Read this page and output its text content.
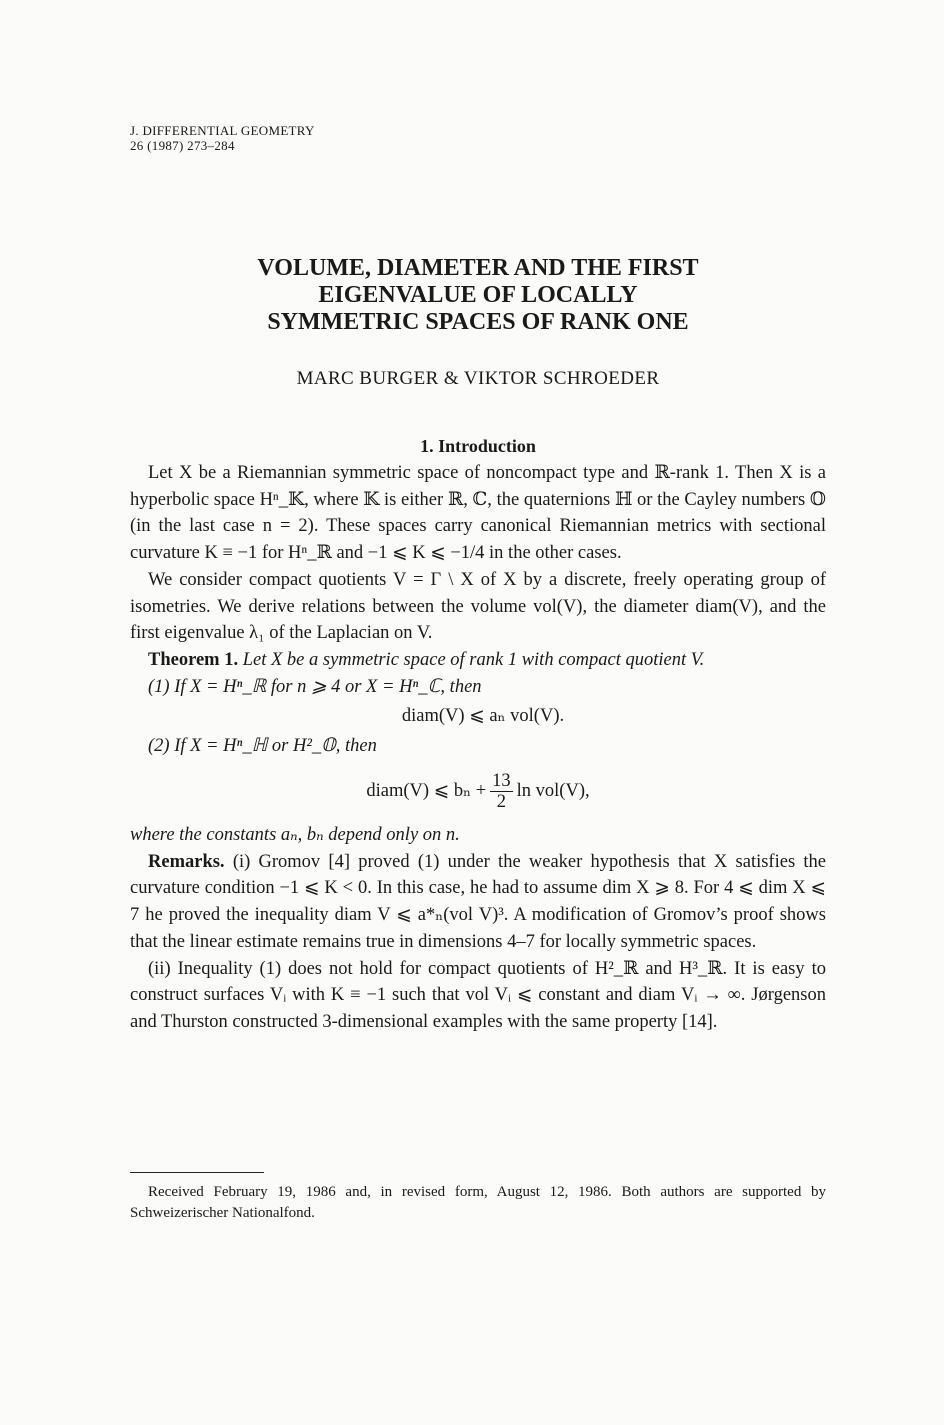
J. DIFFERENTIAL GEOMETRY
26 (1987) 273–284
VOLUME, DIAMETER AND THE FIRST
EIGENVALUE OF LOCALLY
SYMMETRIC SPACES OF RANK ONE
MARC BURGER & VIKTOR SCHROEDER
1. Introduction

Let X be a Riemannian symmetric space of noncompact type and ℝ-rank 1. Then X is a hyperbolic space Hⁿ_𝕂, where 𝕂 is either ℝ, ℂ, the quaternions ℍ or the Cayley numbers 𝕆 (in the last case n = 2). These spaces carry canonical Riemannian metrics with sectional curvature K ≡ −1 for Hⁿ_ℝ and −1 ⩽ K ⩽ −1/4 in the other cases.

We consider compact quotients V = Γ \ X of X by a discrete, freely operating group of isometries. We derive relations between the volume vol(V), the diameter diam(V), and the first eigenvalue λ₁ of the Laplacian on V.

Theorem 1. Let X be a symmetric space of rank 1 with compact quotient V.

(1) If X = Hⁿ_ℝ for n ⩾ 4 or X = Hⁿ_ℂ, then

diam(V) ⩽ aₙ vol(V).

(2) If X = Hⁿ_ℍ or H²_𝕆, then

diam(V) ⩽ $b_n + \frac{13}{2}$ ln vol(V),

where the constants aₙ, bₙ depend only on n.

Remarks. (i) Gromov [4] proved (1) under the weaker hypothesis that X satisfies the curvature condition −1 ⩽ K < 0. In this case, he had to assume dim X ⩾ 8. For 4 ⩽ dim X ⩽ 7 he proved the inequality diam V ⩽ a*ₙ(vol V)³. A modification of Gromov’s proof shows that the linear estimate remains true in dimensions 4–7 for locally symmetric spaces.

(ii) Inequality (1) does not hold for compact quotients of H²_ℝ and H³_ℝ. It is easy to construct surfaces Vᵢ with K ≡ −1 such that vol Vᵢ ⩽ constant and diam Vᵢ → ∞. Jørgenson and Thurston constructed 3-dimensional examples with the same property [14].

Received February 19, 1986 and, in revised form, August 12, 1986. Both authors are supported by Schweizerischer Nationalfond.
